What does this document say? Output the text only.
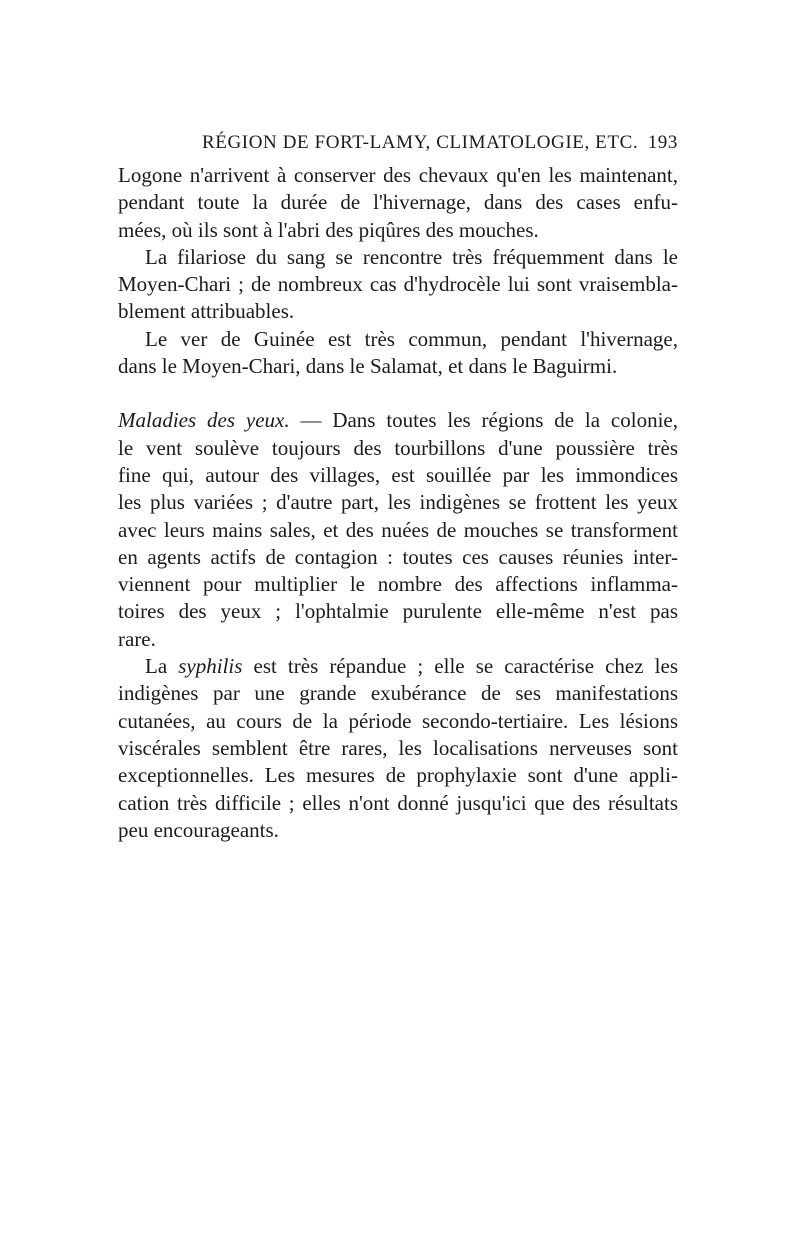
RÉGION DE FORT-LAMY, CLIMATOLOGIE, ETC. 193
Logone n'arrivent à conserver des chevaux qu'en les maintenant,
pendant toute la durée de l'hivernage, dans des cases enfu-
mées, où ils sont à l'abri des piqûres des mouches.
La filariose du sang se rencontre très fréquemment dans le
Moyen-Chari ; de nombreux cas d'hydrocèle lui sont vraisembla-
blement attribuables.
Le ver de Guinée est très commun, pendant l'hivernage,
dans le Moyen-Chari, dans le Salamat, et dans le Baguirmi.
Maladies des yeux. — Dans toutes les régions de la colonie,
le vent soulève toujours des tourbillons d'une poussière très
fine qui, autour des villages, est souillée par les immondices
les plus variées ; d'autre part, les indigènes se frottent les yeux
avec leurs mains sales, et des nuées de mouches se transforment
en agents actifs de contagion : toutes ces causes réunies inter-
viennent pour multiplier le nombre des affections inflamma-
toires des yeux ; l'ophtalmie purulente elle-même n'est pas
rare.
La syphilis est très répandue ; elle se caractérise chez les
indigènes par une grande exubérance de ses manifestations
cutanées, au cours de la période secondo-tertiaire. Les lésions
viscérales semblent être rares, les localisations nerveuses sont
exceptionnelles. Les mesures de prophylaxie sont d'une appli-
cation très difficile ; elles n'ont donné jusqu'ici que des résultats
peu encourageants.
